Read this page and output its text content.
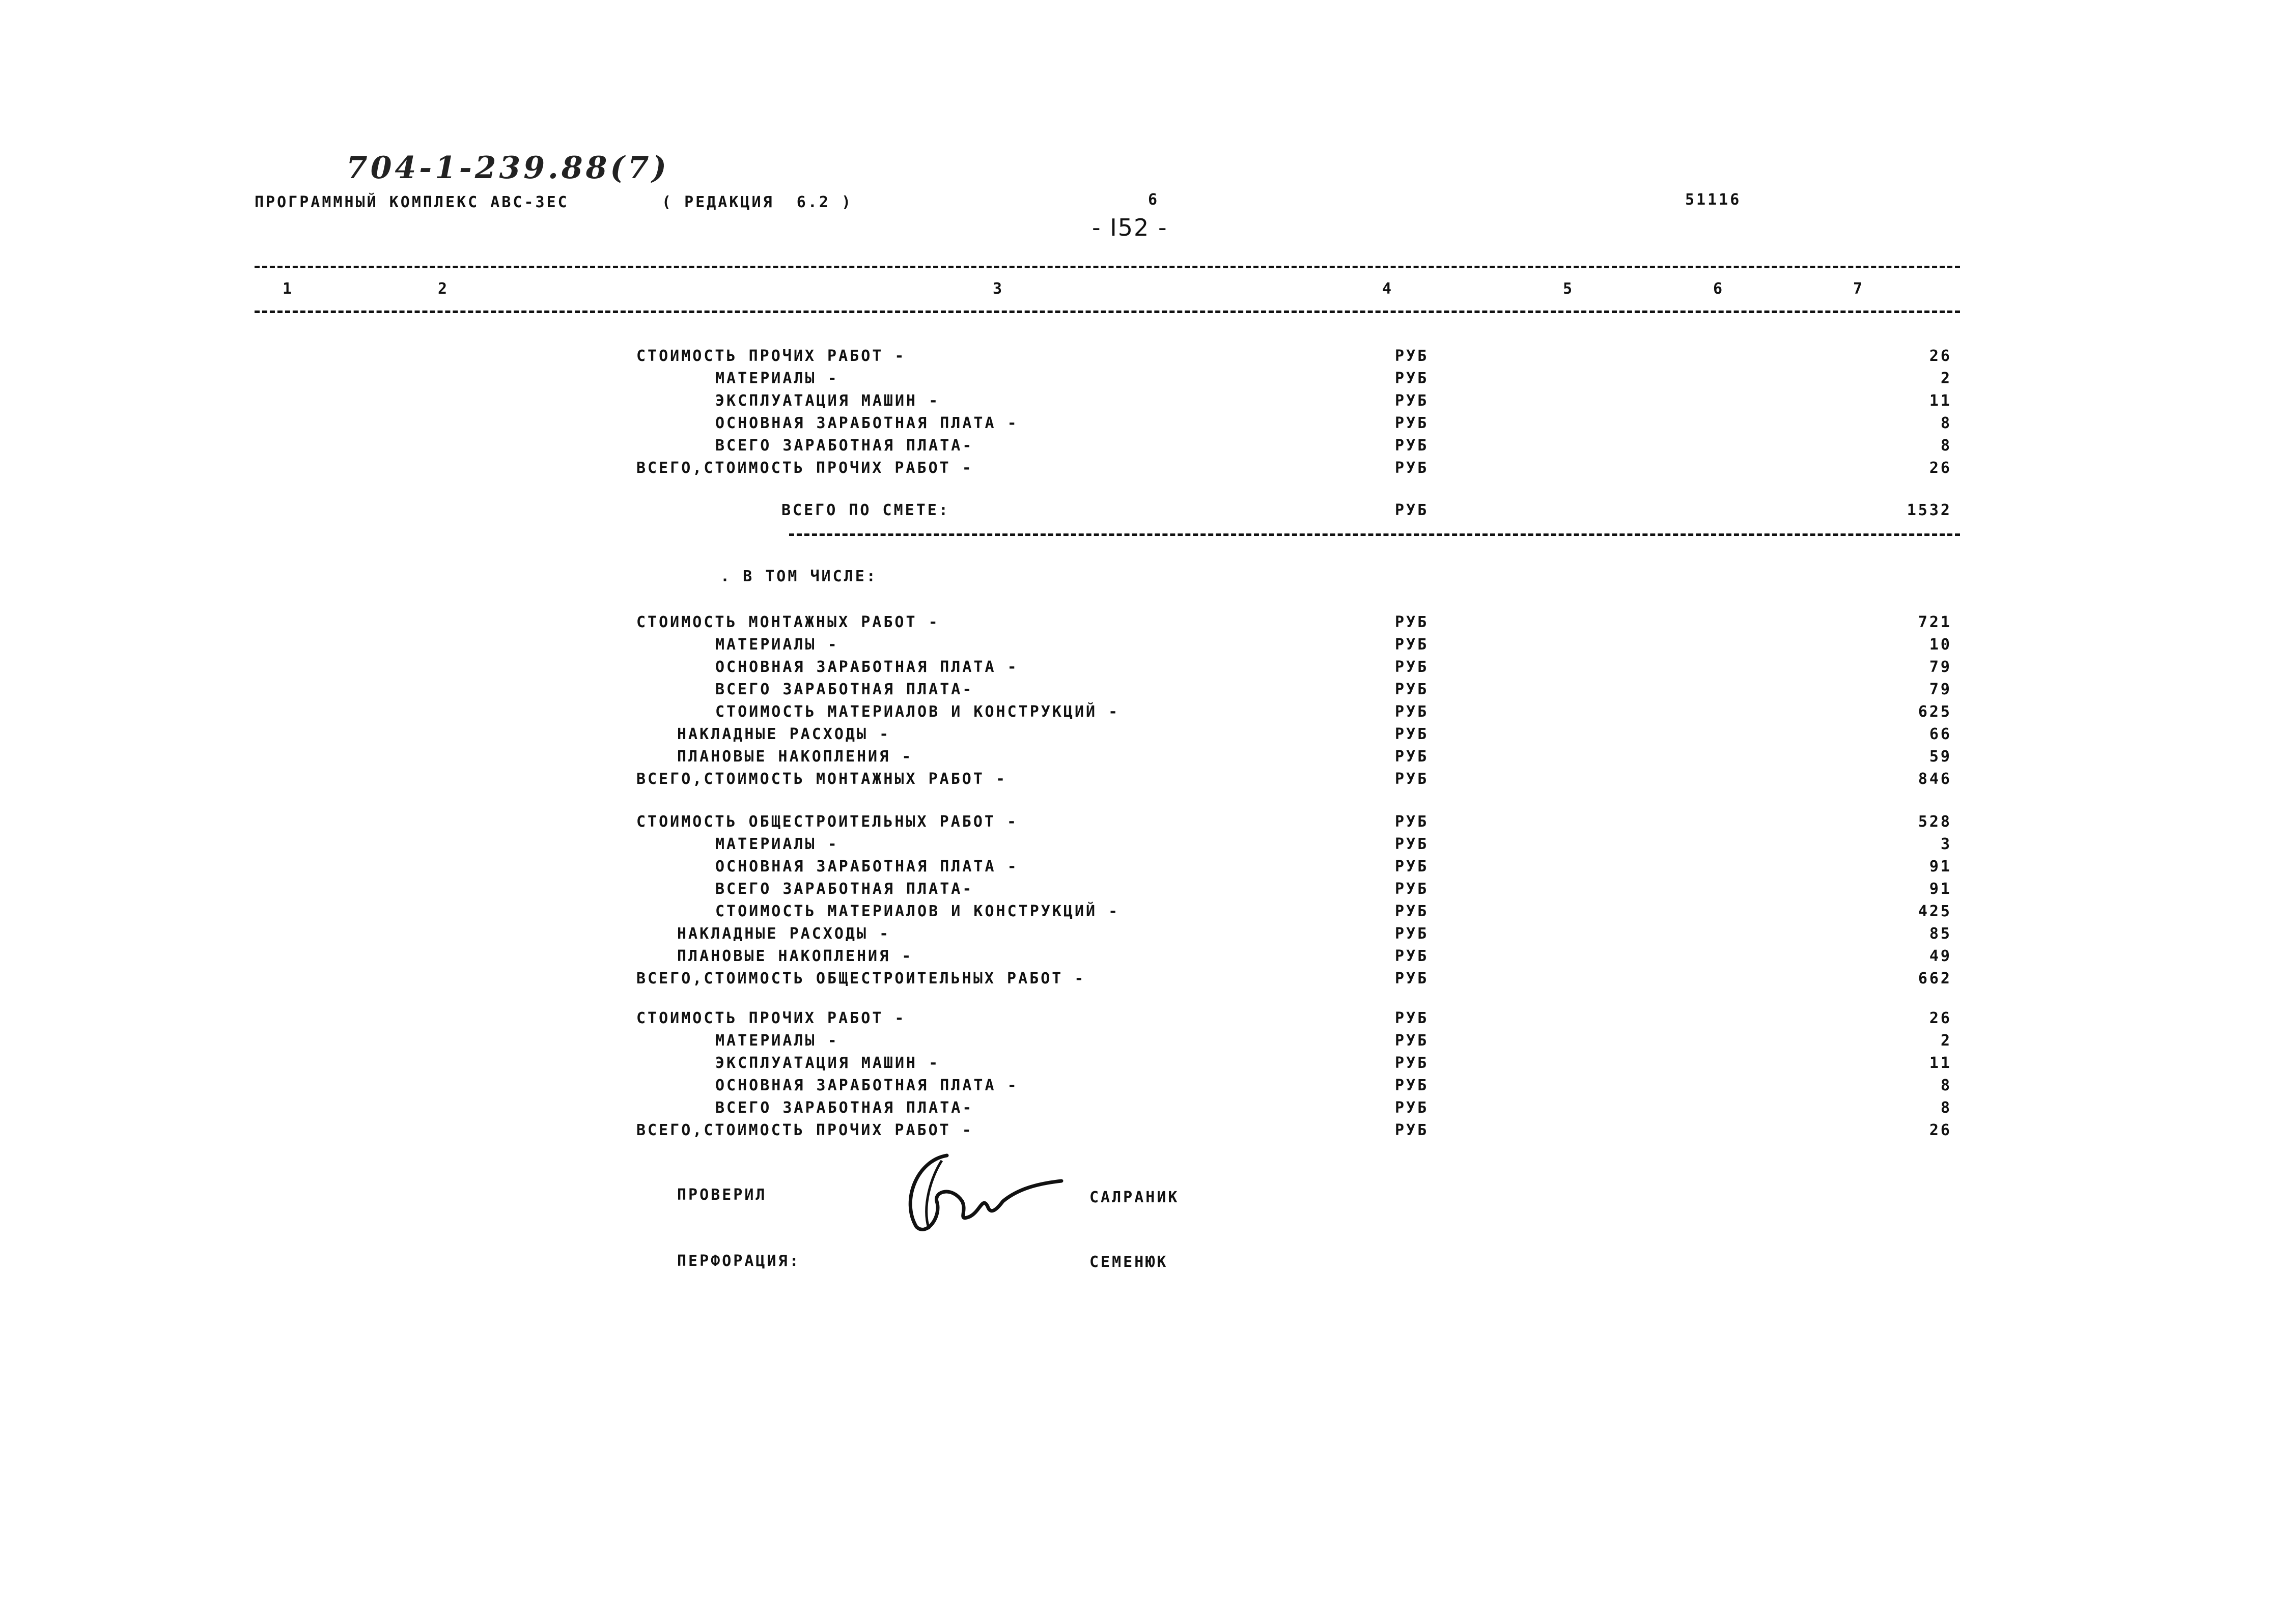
704-1-239.88(7)
ПРОГРАММНЫЙ КОМПЛЕКС АВС-3ЕС	( РЕДАКЦИЯ  6.2 )	6
- I52 -
51116
1	2	3	4	5	6	7
СТОИМОСТЬ ПРОЧИХ РАБОТ -	РУБ	26
МАТЕРИАЛЫ -	РУБ	2
ЭКСПЛУАТАЦИЯ МАШИН -	РУБ	11
ОСНОВНАЯ ЗАРАБОТНАЯ ПЛАТА -	РУБ	8
ВСЕГО ЗАРАБОТНАЯ ПЛАТА-	РУБ	8
ВСЕГО,СТОИМОСТЬ ПРОЧИХ РАБОТ -	РУБ	26
ВСЕГО ПО СМЕТЕ:	РУБ	1532
. В ТОМ ЧИСЛЕ:
СТОИМОСТЬ МОНТАЖНЫХ РАБОТ -	РУБ	721
МАТЕРИАЛЫ -	РУБ	10
ОСНОВНАЯ ЗАРАБОТНАЯ ПЛАТА -	РУБ	79
ВСЕГО ЗАРАБОТНАЯ ПЛАТА-	РУБ	79
СТОИМОСТЬ МАТЕРИАЛОВ И КОНСТРУКЦИЙ -	РУБ	625
НАКЛАДНЫЕ РАСХОДЫ -	РУБ	66
ПЛАНОВЫЕ НАКОПЛЕНИЯ -	РУБ	59
ВСЕГО,СТОИМОСТЬ МОНТАЖНЫХ РАБОТ -	РУБ	846
СТОИМОСТЬ ОБЩЕСТРОИТЕЛЬНЫХ РАБОТ -	РУБ	528
МАТЕРИАЛЫ -	РУБ	3
ОСНОВНАЯ ЗАРАБОТНАЯ ПЛАТА -	РУБ	91
ВСЕГО ЗАРАБОТНАЯ ПЛАТА-	РУБ	91
СТОИМОСТЬ МАТЕРИАЛОВ И КОНСТРУКЦИЙ -	РУБ	425
НАКЛАДНЫЕ РАСХОДЫ -	РУБ	85
ПЛАНОВЫЕ НАКОПЛЕНИЯ -	РУБ	49
ВСЕГО,СТОИМОСТЬ ОБЩЕСТРОИТЕЛЬНЫХ РАБОТ -	РУБ	662
СТОИМОСТЬ ПРОЧИХ РАБОТ -	РУБ	26
МАТЕРИАЛЫ -	РУБ	2
ЭКСПЛУАТАЦИЯ МАШИН -	РУБ	11
ОСНОВНАЯ ЗАРАБОТНАЯ ПЛАТА -	РУБ	8
ВСЕГО ЗАРАБОТНАЯ ПЛАТА-	РУБ	8
ВСЕГО,СТОИМОСТЬ ПРОЧИХ РАБОТ -	РУБ	26
ПРОВЕРИЛ	САЛРАНИК
ПЕРФОРАЦИЯ:	СЕМЕНЮК
